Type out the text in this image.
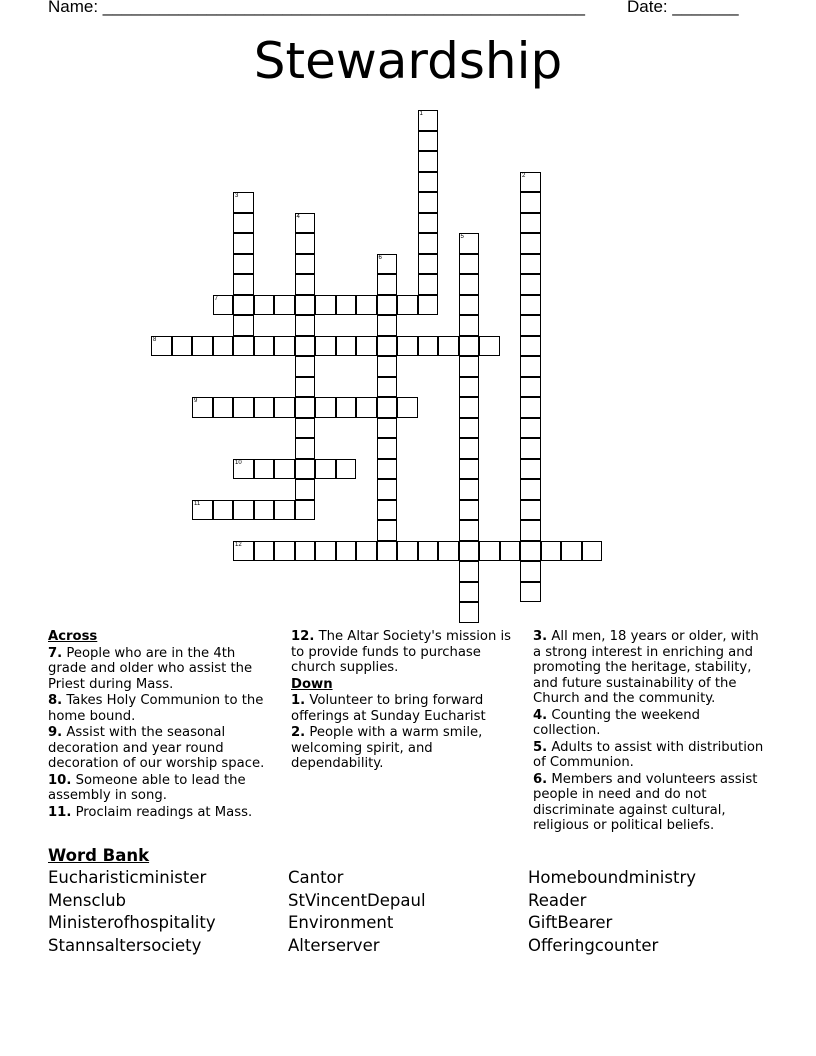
Name: ___________________________________________________ Date: _______
Stewardship
7
8
9
10
11
12
1
2
3
4
5
6
Across
7. People who are in the 4th grade and older who assist the Priest during Mass.
8. Takes Holy Communion to the home bound.
9. Assist with the seasonal decoration and year round decoration of our worship space.
10. Someone able to lead the assembly in song.
11. Proclaim readings at Mass.
12. The Altar Society's mission is to provide funds to purchase church supplies.
Down
1. Volunteer to bring forward offerings at Sunday Eucharist
2. People with a warm smile, welcoming spirit, and dependability.
3. All men, 18 years or older, with a strong interest in enriching and promoting the heritage, stability, and future sustainability of the Church and the community.
4. Counting the weekend collection.
5. Adults to assist with distribution of Communion.
6. Members and volunteers assist people in need and do not discriminate against cultural, religious or political beliefs.
Word Bank
Eucharisticminister	Cantor	Homeboundministry
Mensclub	StVincentDepaul	Reader
Ministerofhospitality	Environment	GiftBearer
Stannsaltersociety	Alterserver	Offeringcounter
